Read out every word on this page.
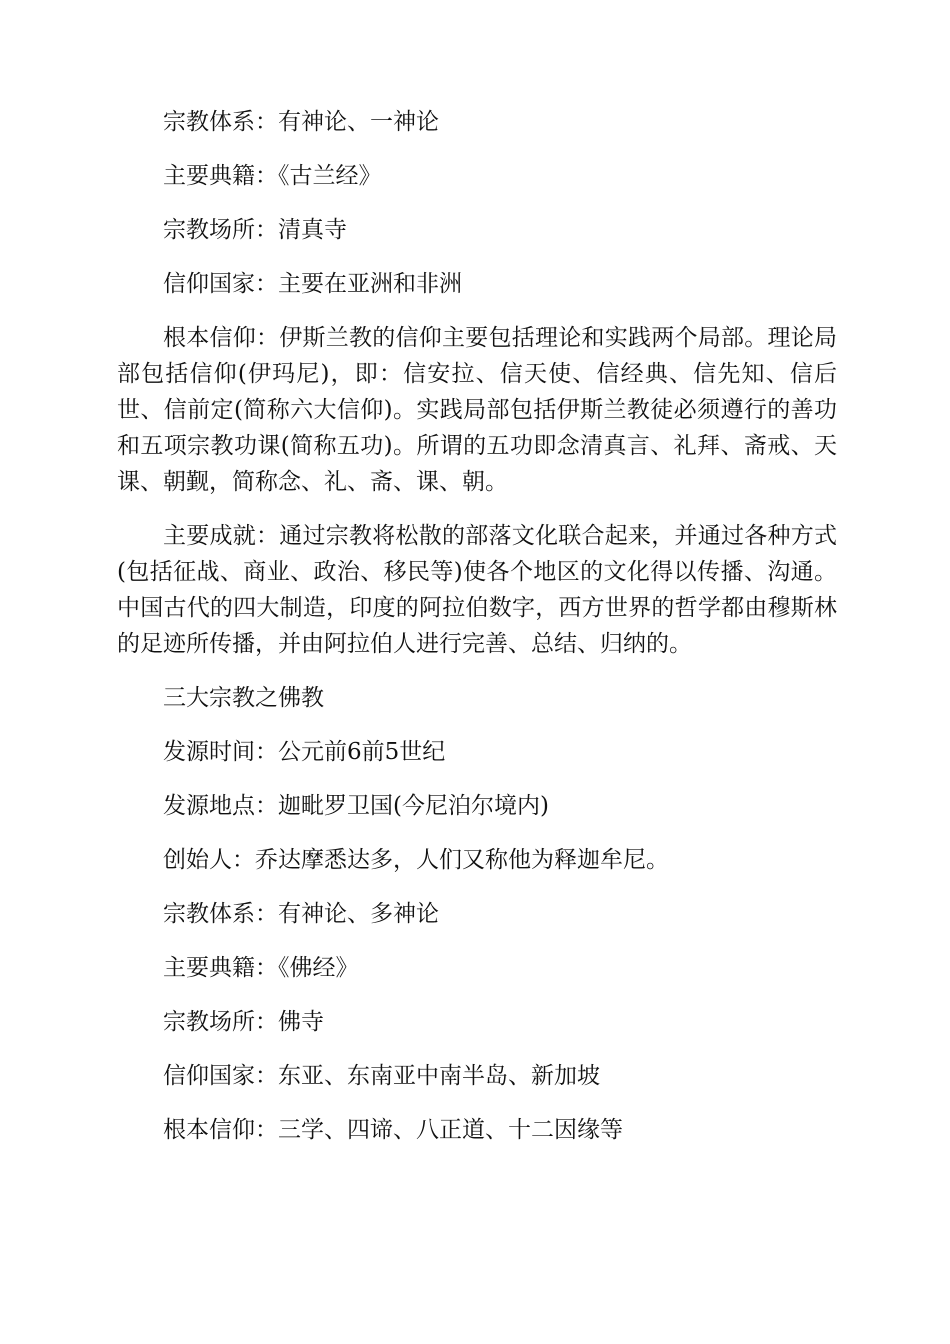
宗教体系：有神论、一神论

主要典籍：《古兰经》

宗教场所：清真寺

信仰国家：主要在亚洲和非洲

根本信仰：伊斯兰教的信仰主要包括理论和实践两个局部。理论局部包括信仰(伊玛尼)，即：信安拉、信天使、信经典、信先知、信后世、信前定(简称六大信仰)。实践局部包括伊斯兰教徒必须遵行的善功和五项宗教功课(简称五功)。所谓的五功即念清真言、礼拜、斋戒、天课、朝觐，简称念、礼、斋、课、朝。

主要成就：通过宗教将松散的部落文化联合起来，并通过各种方式(包括征战、商业、政治、移民等)使各个地区的文化得以传播、沟通。中国古代的四大制造，印度的阿拉伯数字，西方世界的哲学都由穆斯林的足迹所传播，并由阿拉伯人进行完善、总结、归纳的。

三大宗教之佛教

发源时间：公元前6前5世纪

发源地点：迦毗罗卫国(今尼泊尔境内)

创始人：乔达摩悉达多，人们又称他为释迦牟尼。

宗教体系：有神论、多神论

主要典籍：《佛经》

宗教场所：佛寺

信仰国家：东亚、东南亚中南半岛、新加坡

根本信仰：三学、四谛、八正道、十二因缘等
